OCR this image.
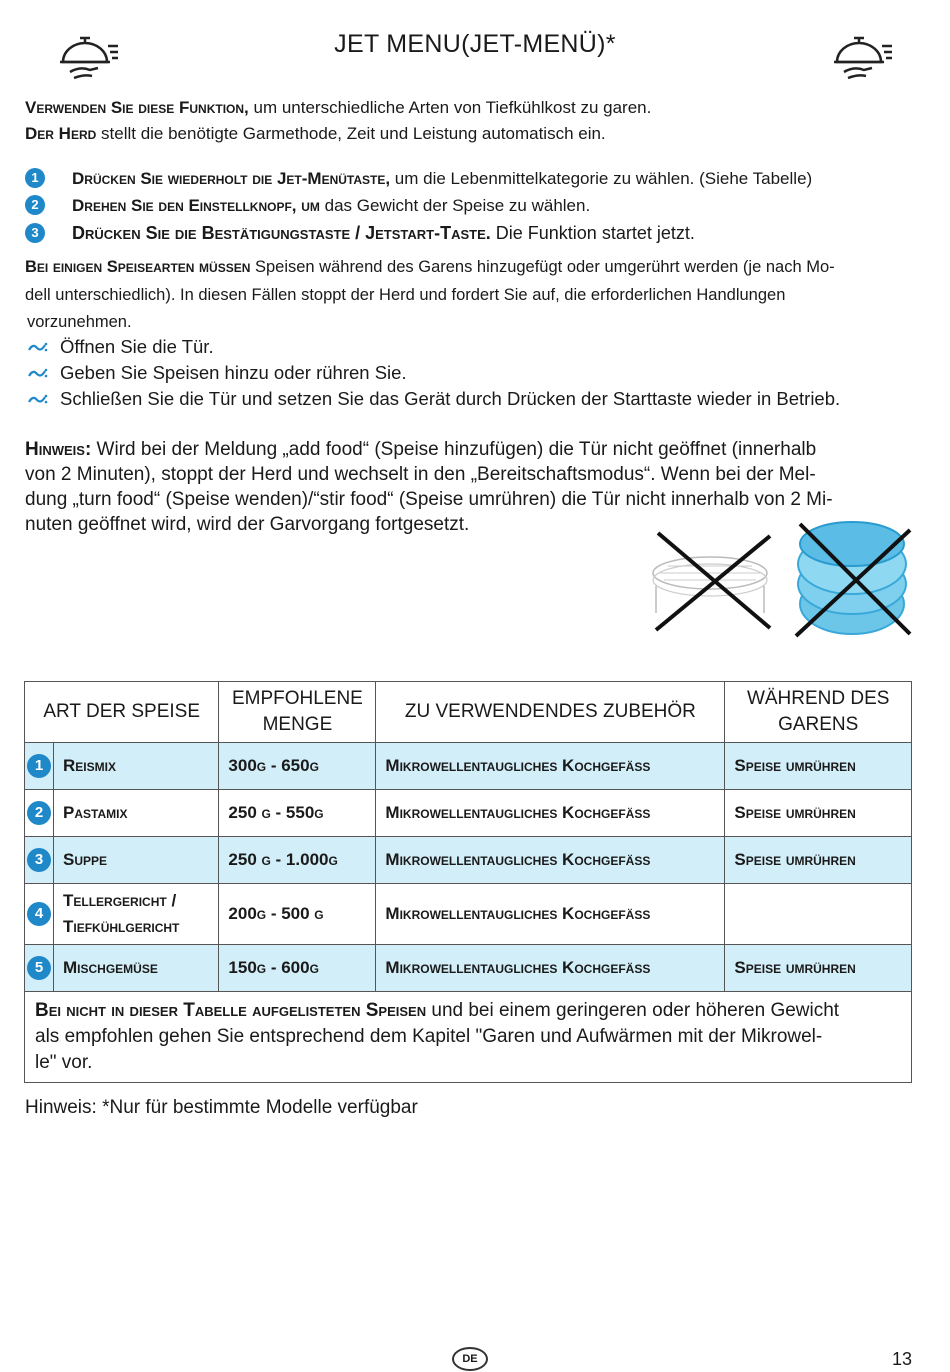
JET MENU(JET-MENÜ)*

Verwenden Sie diese Funktion, um unterschiedliche Arten von Tiefkühlkost zu garen.

Der Herd stellt die benötigte Garmethode, Zeit und Leistung automatisch ein.

1 Drücken Sie wiederholt die Jet-Menütaste, um die Lebenmittelkategorie zu wählen. (Siehe Tabelle)
2 Drehen Sie den Einstellknopf, um das Gewicht der Speise zu wählen.
3 Drücken Sie die Bestätigungstaste / Jetstart-Taste. Die Funktion startet jetzt.

Bei einigen Speisearten müssen Speisen während des Garens hinzugefügt oder umgerührt werden (je nach Mo-

dell unterschiedlich). In diesen Fällen stoppt der Herd und fordert Sie auf, die erforderlichen Handlungen

vorzunehmen.

Öffnen Sie die Tür.
Geben Sie Speisen hinzu oder rühren Sie.
Schließen Sie die Tür und setzen Sie das Gerät durch Drücken der Starttaste wieder in Betrieb.
Hinweis: Wird bei der Meldung „add food“ (Speise hinzufügen) die Tür nicht geöffnet (innerhalb
von 2 Minuten), stoppt der Herd und wechselt in den „Bereitschaftsmodus“. Wenn bei der Mel-
dung „turn food“ (Speise wenden)/“stir food“ (Speise umrühren) die Tür nicht innerhalb von 2 Mi-
nuten geöffnet wird, wird der Garvorgang fortgesetzt.
ART DER SPEISE		EMPFOHLENE MENGE	ZU VERWENDENDES ZUBEHÖR	WÄHREND DES GARENS
1	Reismix	300g - 650g	Mikrowellentaugliches Kochgefäss	Speise umrühren
2	Pastamix	250 g - 550g	Mikrowellentaugliches Kochgefäss	Speise umrühren
3	Suppe	250 g - 1.000g	Mikrowellentaugliches Kochgefäss	Speise umrühren
4	Tellergericht /
Tiefkühlgericht	200g - 500 g	Mikrowellentaugliches Kochgefäss	
5	Mischgemüse	150g - 600g	Mikrowellentaugliches Kochgefäss	Speise umrühren

Bei nicht in dieser Tabelle aufgelisteten Speisen und bei einem geringeren oder höheren Gewicht
als empfohlen gehen Sie entsprechend dem Kapitel "Garen und Aufwärmen mit der Mikrowel-
le" vor.				
Hinweis: *Nur für bestimmte Modelle verfügbar
DE	13
